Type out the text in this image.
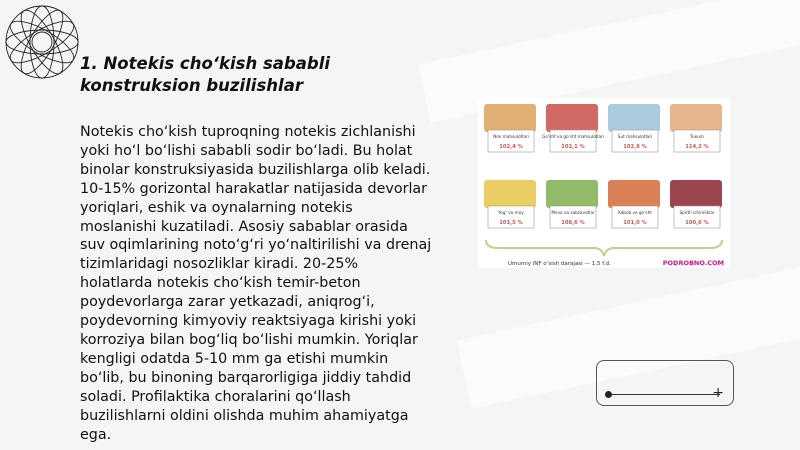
1. Notekis cho‘kish sababli konstruksion buzilishlar

Notekis cho‘kish tuproqning notekis zichlanishi yoki ho‘l bo‘lishi sababli sodir bo‘ladi. Bu holat binolar konstruksiyasida buzilishlarga olib keladi. 10-15% gorizontal harakatlar natijasida devorlar yoriqlari, eshik va oynalarning notekis moslanishi kuzatiladi. Asosiy sabablar orasida suv oqimlarining noto‘g‘ri yo‘naltirilishi va drenaj tizimlaridagi nosozliklar kiradi. 20-25% holatlarda notekis cho‘kish temir-beton poydevorlarga zarar yetkazadi, aniqrog‘i, poydevorning kimyoviy reaktsiyaga kirishi yoki korroziya bilan bog‘liq bo‘lishi mumkin. Yoriqlar kengligi odatda 5-10 mm ga etishi mumkin bo‘lib, bu binoning barqarorligiga jiddiy tahdid soladi. Profilaktika choralarini qo‘llash buzilishlarni oldini olishda muhim ahamiyatga ega.

Non mahsulotlari
102,4 %
Go‘sht va go‘sht mahsulotlari
102,1 %
Sut mahsulotlari
102,8 %
Tuxum
114,2 %
Yog‘ va moy
101,5 %
Meva va sabzavotlar
108,6 %
Kabob va go‘sht
101,0 %
Spirtli ichimliklar
100,6 %
Umumiy iNF o‘sish darajasi — 1,5 f.d.	PODROBNO.COM
+
